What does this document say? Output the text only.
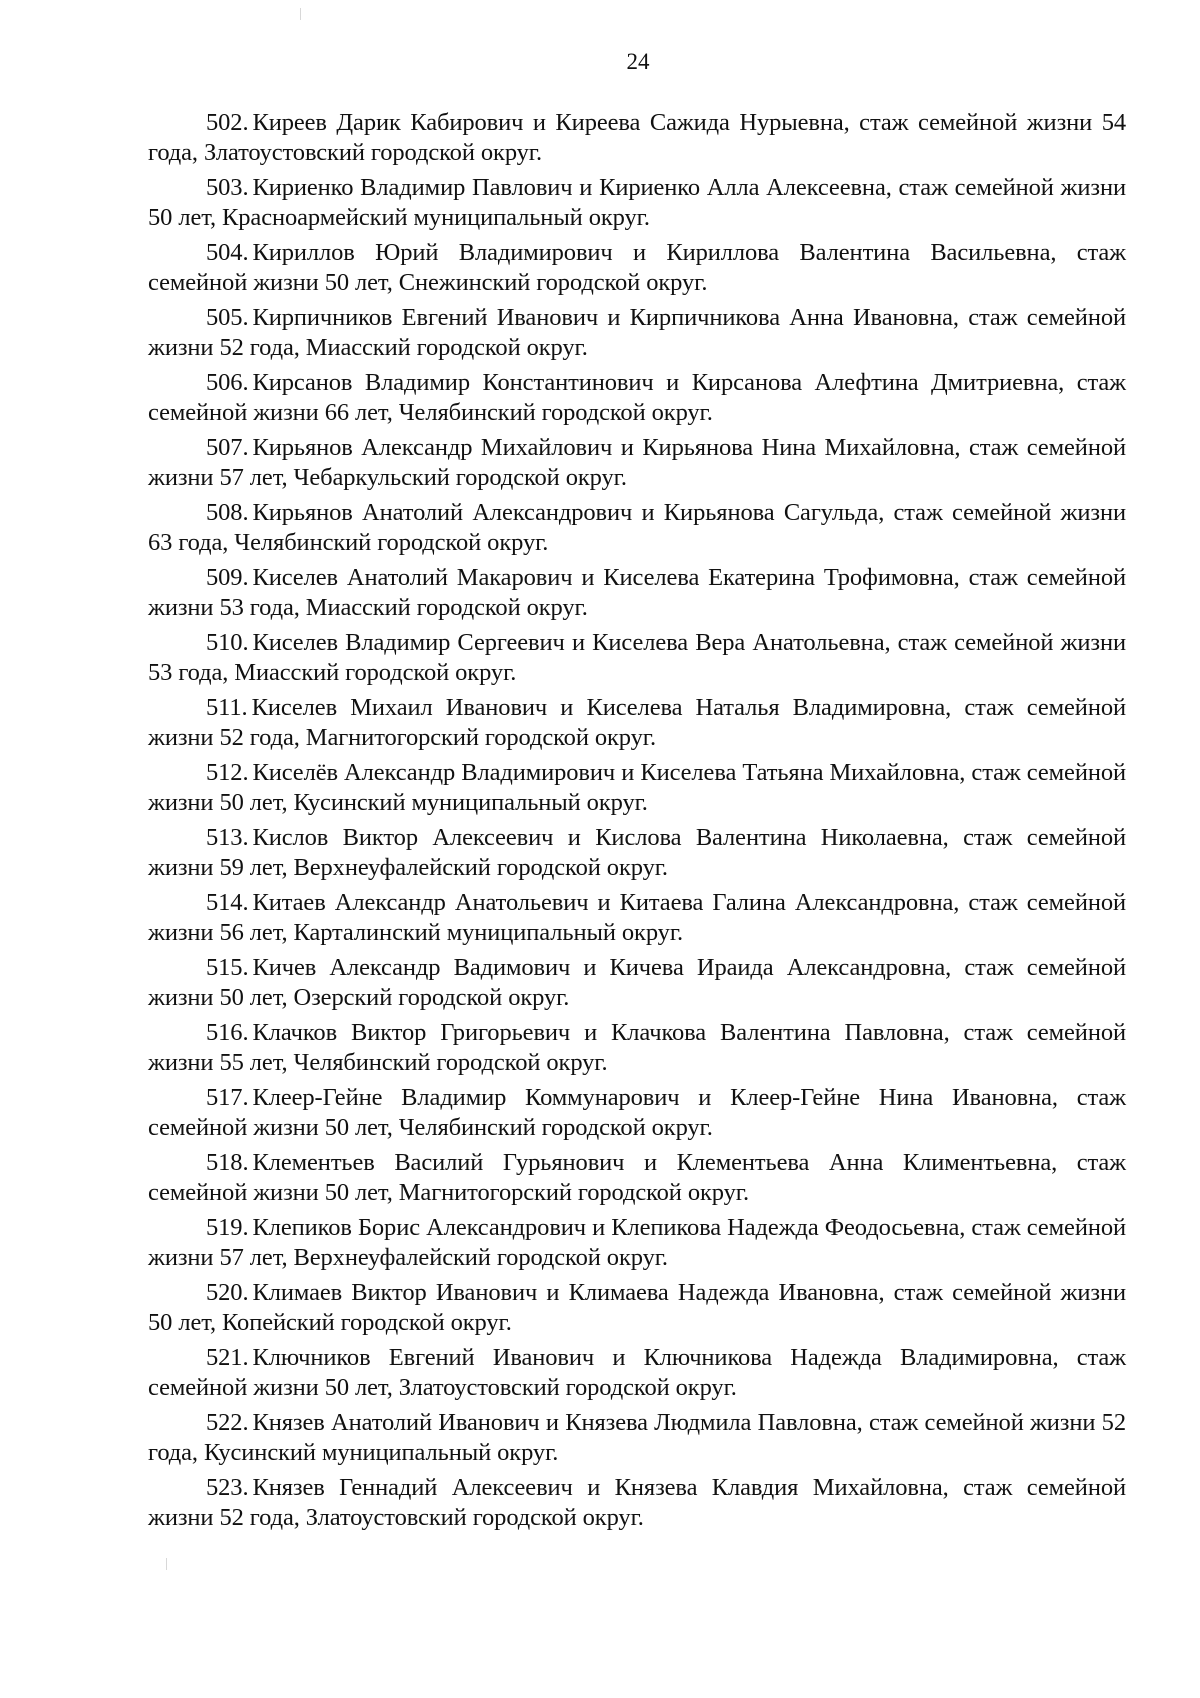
24

502. Киреев Дарик Кабирович и Киреева Сажида Нурыевна, стаж семейной жизни 54 года, Златоустовский городской округ.

503. Кириенко Владимир Павлович и Кириенко Алла Алексеевна, стаж семейной жизни 50 лет, Красноармейский муниципальный округ.

504. Кириллов Юрий Владимирович и Кириллова Валентина Васильевна, стаж семейной жизни 50 лет, Снежинский городской округ.

505. Кирпичников Евгений Иванович и Кирпичникова Анна Ивановна, стаж семейной жизни 52 года, Миасский городской округ.

506. Кирсанов Владимир Константинович и Кирсанова Алефтина Дмитриевна, стаж семейной жизни 66 лет, Челябинский городской округ.

507. Кирьянов Александр Михайлович и Кирьянова Нина Михайловна, стаж семейной жизни 57 лет, Чебаркульский городской округ.

508. Кирьянов Анатолий Александрович и Кирьянова Сагульда, стаж семейной жизни 63 года, Челябинский городской округ.

509. Киселев Анатолий Макарович и Киселева Екатерина Трофимовна, стаж семейной жизни 53 года, Миасский городской округ.

510. Киселев Владимир Сергеевич и Киселева Вера Анатольевна, стаж семейной жизни 53 года, Миасский городской округ.

511. Киселев Михаил Иванович и Киселева Наталья Владимировна, стаж семейной жизни 52 года, Магнитогорский городской округ.

512. Киселёв Александр Владимирович и Киселева Татьяна Михайловна, стаж семейной жизни 50 лет, Кусинский муниципальный округ.

513. Кислов Виктор Алексеевич и Кислова Валентина Николаевна, стаж семейной жизни 59 лет, Верхнеуфалейский городской округ.

514. Китаев Александр Анатольевич и Китаева Галина Александровна, стаж семейной жизни 56 лет, Карталинский муниципальный округ.

515. Кичев Александр Вадимович и Кичева Ираида Александровна, стаж семейной жизни 50 лет, Озерский городской округ.

516. Клачков Виктор Григорьевич и Клачкова Валентина Павловна, стаж семейной жизни 55 лет, Челябинский городской округ.

517. Клеер-Гейне Владимир Коммунарович и Клеер-Гейне Нина Ивановна, стаж семейной жизни 50 лет, Челябинский городской округ.

518. Клементьев Василий Гурьянович и Клементьева Анна Климентьевна, стаж семейной жизни 50 лет, Магнитогорский городской округ.

519. Клепиков Борис Александрович и Клепикова Надежда Феодосьевна, стаж семейной жизни 57 лет, Верхнеуфалейский городской округ.

520. Климаев Виктор Иванович и Климаева Надежда Ивановна, стаж семейной жизни 50 лет, Копейский городской округ.

521. Ключников Евгений Иванович и Ключникова Надежда Владимировна, стаж семейной жизни 50 лет, Златоустовский городской округ.

522. Князев Анатолий Иванович и Князева Людмила Павловна, стаж семейной жизни 52 года, Кусинский муниципальный округ.

523. Князев Геннадий Алексеевич и Князева Клавдия Михайловна, стаж семейной жизни 52 года, Златоустовский городской округ.
